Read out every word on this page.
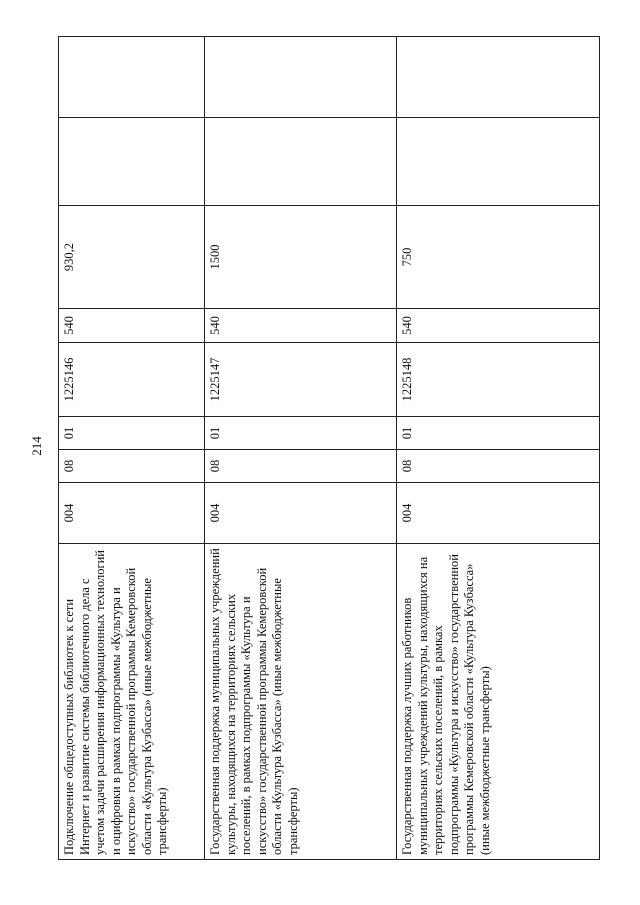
214
Подключение общедоступных библиотек к сети Интернет и развитие системы библиотечного дела с учетом задачи расширения информационных технологий и оцифровки в рамках подпрограммы «Культура и искусство» государственной программы Кемеровской области «Культура Кузбасса» (иные межбюджетные трансферты)	004	08	01	1225146	540	930,2		
Государственная поддержка муниципальных учреждений культуры, находящихся на территориях сельских поселений, в рамках подпрограммы «Культура и искусство» государственной программы Кемеровской области «Культура Кузбасса» (иные межбюджетные трансферты)	004	08	01	1225147	540	1500		
Государственная поддержка лучших работников муниципальных учреждений культуры, находящихся на территориях сельских поселений, в рамках подпрограммы «Культура и искусство» государственной программы Кемеровской области «Культура Кузбасса» (иные межбюджетные трансферты)	004	08	01	1225148	540	750		
